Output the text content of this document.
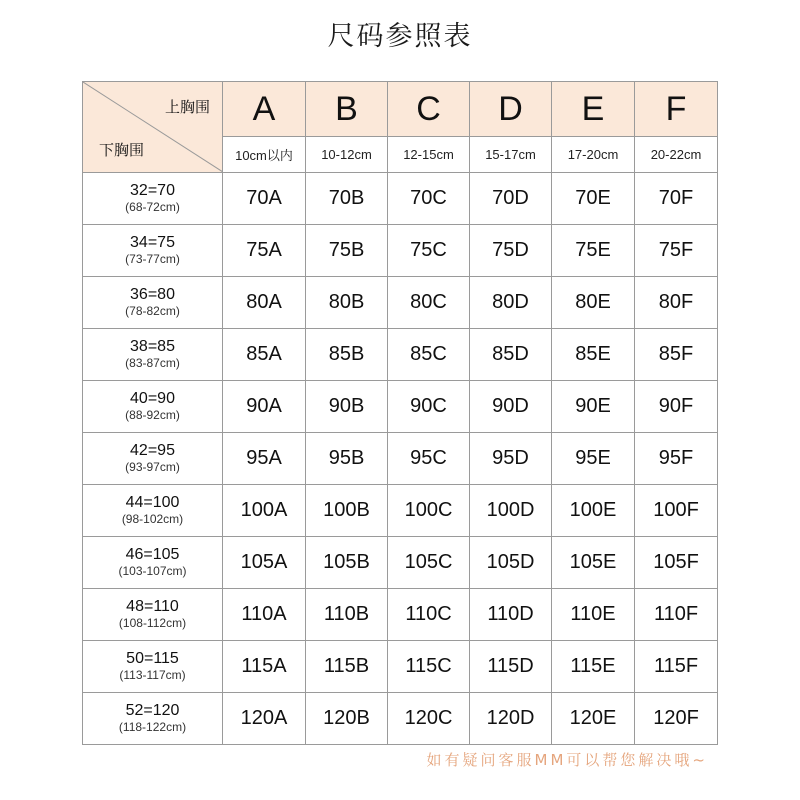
尺码参照表
上胸围
下胸围	A	B	C	D	E	F
	10cm以内	10-12cm	12-15cm	15-17cm	17-20cm	20-22cm

32=70
(68-72cm)	70A	70B	70C	70D	70E	70F

34=75
(73-77cm)	75A	75B	75C	75D	75E	75F

36=80
(78-82cm)	80A	80B	80C	80D	80E	80F

38=85
(83-87cm)	85A	85B	85C	85D	85E	85F

40=90
(88-92cm)	90A	90B	90C	90D	90E	90F

42=95
(93-97cm)	95A	95B	95C	95D	95E	95F

44=100
(98-102cm)	100A	100B	100C	100D	100E	100F

46=105
(103-107cm)	105A	105B	105C	105D	105E	105F

48=110
(108-112cm)	110A	110B	110C	110D	110E	110F

50=115
(113-117cm)	115A	115B	115C	115D	115E	115F

52=120
(118-122cm)	120A	120B	120C	120D	120E	120F
如有疑问客服MM可以帮您解决哦~
